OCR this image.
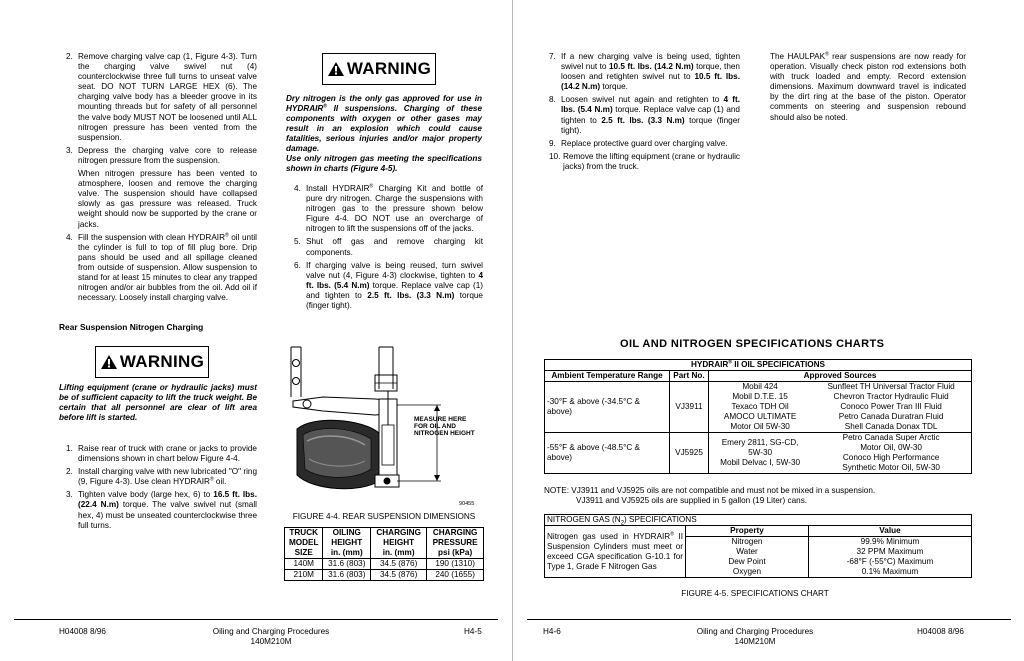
2. Remove charging valve cap (1, Figure 4-3). Turn the charging valve swivel nut (4) counterclockwise three full turns to unseat valve seat. DO NOT TURN LARGE HEX (6). The charging valve body has a bleeder groove in its mounting threads but for safety of all personnel the valve body MUST NOT be loosened until ALL nitrogen pressure has been vented from the suspension.
3. Depress the charging valve core to release nitrogen pressure from the suspension.
When nitrogen pressure has been vented to atmosphere, loosen and remove the charging valve. The suspension should have collapsed slowly as gas pressure was released. Truck weight should now be supported by the crane or jacks.
4. Fill the suspension with clean HYDRAIR® oil until the cylinder is full to top of fill plug bore. Drip pans should be used and all spillage cleaned from outside of suspension. Allow suspension to stand for at least 15 minutes to clear any trapped nitrogen and/or air bubbles from the oil. Add oil if necessary. Loosely install charging valve.
Rear Suspension Nitrogen Charging
WARNING
Lifting equipment (crane or hydraulic jacks) must be of sufficient capacity to lift the truck weight. Be certain that all personnel are clear of lift area before lift is started.
1. Raise rear of truck with crane or jacks to provide dimensions shown in chart below Figure 4-4.
2. Install charging valve with new lubricated "O" ring (9, Figure 4-3). Use clean HYDRAIR® oil.
3. Tighten valve body (large hex, 6) to 16.5 ft. lbs. (22.4 N.m) torque. The valve swivel nut (small hex, 4) must be unseated counterclockwise three full turns.
WARNING
Dry nitrogen is the only gas approved for use in HYDRAIR® II suspensions. Charging of these components with oxygen or other gases may result in an explosion which could cause fatalities, serious injuries and/or major property damage.
Use only nitrogen gas meeting the specifications shown in charts (Figure 4-5).
4. Install HYDRAIR® Charging Kit and bottle of pure dry nitrogen. Charge the suspensions with nitrogen gas to the pressure shown below Figure 4-4. DO NOT use an overcharge of nitrogen to lift the suspensions off of the jacks.
5. Shut off gas and remove charging kit components.
6. If charging valve is being reused, turn swivel valve nut (4, Figure 4-3) clockwise, tighten to 4 ft. lbs. (5.4 N.m) torque. Replace valve cap (1) and tighten to 2.5 ft. lbs. (3.3 N.m) torque (finger tight).
MEASURE HERE
FOR OIL AND
NITROGEN HEIGHT
90455
FIGURE 4-4. REAR SUSPENSION DIMENSIONS
TRUCK
MODEL
SIZE	OILING
HEIGHT
in. (mm)	CHARGING
HEIGHT
in. (mm)	CHARGING
PRESSURE
psi (kPa)
140M	31.6 (803)	34.5 (876)	190 (1310)
210M	31.6 (803)	34.5 (876)	240 (1655)
H04008 8/96	Oiling and Charging Procedures
140M210M
H4-5
7. If a new charging valve is being used, tighten swivel nut to 10.5 ft. lbs. (14.2 N.m) torque, then loosen and retighten swivel nut to 10.5 ft. lbs. (14.2 N.m) torque.
8. Loosen swivel nut again and retighten to 4 ft. lbs. (5.4 N.m) torque. Replace valve cap (1) and tighten to 2.5 ft. lbs. (3.3 N.m) torque (finger tight).
9. Replace protective guard over charging valve.
10. Remove the lifting equipment (crane or hydraulic jacks) from the truck.
The HAULPAK® rear suspensions are now ready for operation. Visually check piston rod extensions both with truck loaded and empty. Record extension dimensions. Maximum downward travel is indicated by the dirt ring at the base of the piston. Operator comments on steering and suspension rebound should also be noted.
OIL AND NITROGEN SPECIFICATIONS CHARTS
HYDRAIR® II OIL SPECIFICATIONS			
Ambient Temperature Range	Part No.	Approved Sources	
-30°F & above (-34.5°C & above)	VJ3911	Mobil 424
Mobil D.T.E. 15
Texaco TDH Oil
AMOCO ULTIMATE
Motor Oil 5W-30	Sunfleet TH Universal Tractor Fluid
Chevron Tractor Hydraulic Fluid
Conoco Power Tran III Fluid
Petro Canada Duratran Fluid
Shell Canada Donax TDL
-55°F & above (-48.5°C & above)	VJ5925	Emery 2811, SG-CD,
5W-30
Mobil Delvac I, 5W-30	Petro Canada Super Arctic
Motor Oil, 0W-30
Conoco High Performance
Synthetic Motor Oil, 5W-30
NOTE: VJ3911 and VJ5925 oils are not compatible and must not be mixed in a suspension.
VJ3911 and VJ5925 oils are supplied in 5 gallon (19 Liter) cans.
NITROGEN GAS $(N_2)$ SPECIFICATIONS		
Nitrogen gas used in HYDRAIR® II Suspension Cylinders must meet or exceed CGA specification G-10.1 for Type 1, Grade F Nitrogen Gas	Property	Value
	Nitrogen	99.9% Minimum
	Water	32 PPM Maximum
	Dew Point	-68°F (-55°C) Maximum
	Oxygen	0.1% Maximum
FIGURE 4-5. SPECIFICATIONS CHART
H4-6	Oiling and Charging Procedures
140M210M
H04008 8/96
